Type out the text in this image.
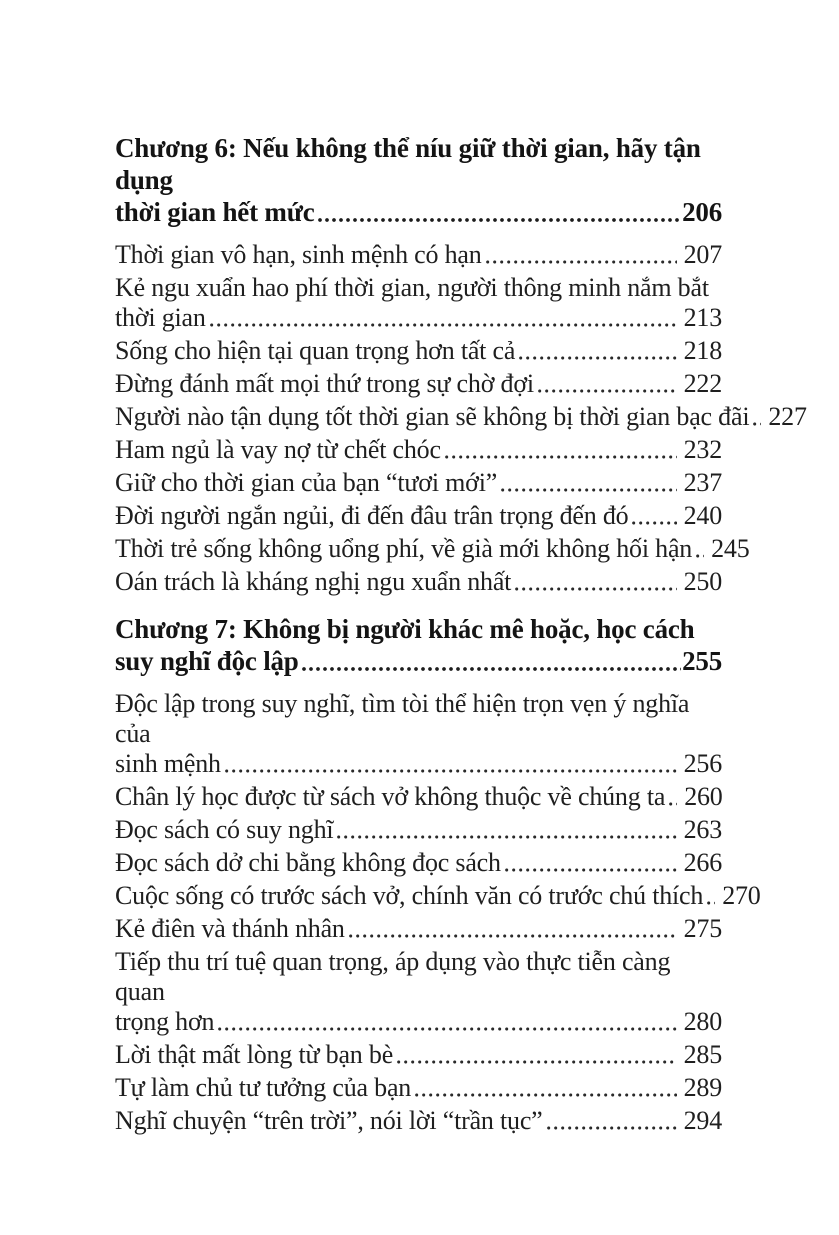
Chương 6: Nếu không thể níu giữ thời gian, hãy tận dụng
thời gian hết mức	206
Thời gian vô hạn, sinh mệnh có hạn	207
Kẻ ngu xuẩn hao phí thời gian, người thông minh nắm bắt
thời gian	213
Sống cho hiện tại quan trọng hơn tất cả	218
Đừng đánh mất mọi thứ trong sự chờ đợi	222
Người nào tận dụng tốt thời gian sẽ không bị thời gian bạc đãi 227
Ham ngủ là vay nợ từ chết chóc	232
Giữ cho thời gian của bạn “tươi mới”	237
Đời người ngắn ngủi, đi đến đâu trân trọng đến đó 240
Thời trẻ sống không uổng phí, về già mới không hối hận 245
Oán trách là kháng nghị ngu xuẩn nhất	250
Chương 7: Không bị người khác mê hoặc, học cách
suy nghĩ độc lập	255
Độc lập trong suy nghĩ, tìm tòi thể hiện trọn vẹn ý nghĩa của
sinh mệnh	256
Chân lý học được từ sách vở không thuộc về chúng ta 260
Đọc sách có suy nghĩ	263
Đọc sách dở chi bằng không đọc sách	266
Cuộc sống có trước sách vở, chính văn có trước chú thích 270
Kẻ điên và thánh nhân	275
Tiếp thu trí tuệ quan trọng, áp dụng vào thực tiễn càng quan
trọng hơn	280
Lời thật mất lòng từ bạn bè	285
Tự làm chủ tư tưởng của bạn	289
Nghĩ chuyện “trên trời”, nói lời “trần tục”	294
